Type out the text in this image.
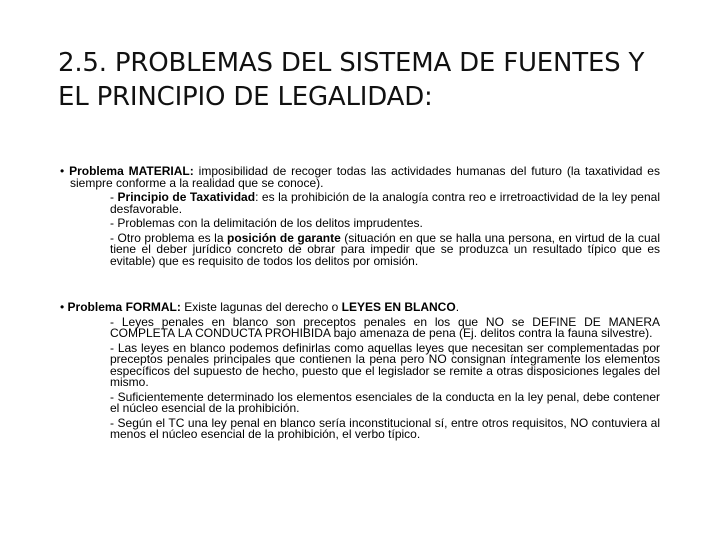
2.5. PROBLEMAS DEL SISTEMA DE FUENTES Y
EL PRINCIPIO DE LEGALIDAD:
• Problema MATERIAL: imposibilidad de recoger todas las actividades humanas del futuro (la taxatividad es siempre conforme a la realidad que se conoce).
- Principio de Taxatividad: es la prohibición de la analogía contra reo e irretroactividad de la ley penal desfavorable.
- Problemas con la delimitación de los delitos imprudentes.
- Otro problema es la posición de garante (situación en que se halla una persona, en virtud de la cual tiene el deber jurídico concreto de obrar para impedir que se produzca un resultado típico que es evitable) que es requisito de todos los delitos por omisión.
• Problema FORMAL: Existe lagunas del derecho o LEYES EN BLANCO.
- Leyes penales en blanco son preceptos penales en los que NO se DEFINE DE MANERA COMPLETA LA CONDUCTA PROHIBIDA bajo amenaza de pena (Ej. delitos contra la fauna silvestre).
- Las leyes en blanco podemos definirlas como aquellas leyes que necesitan ser complementadas por preceptos penales principales que contienen la pena pero NO consignan íntegramente los elementos específicos del supuesto de hecho, puesto que el legislador se remite a otras disposiciones legales del mismo.
- Suficientemente determinado los elementos esenciales de la conducta en la ley penal, debe contener el núcleo esencial de la prohibición.
- Según el TC una ley penal en blanco sería inconstitucional sí, entre otros requisitos, NO contuviera al menos el núcleo esencial de la prohibición, el verbo típico.
